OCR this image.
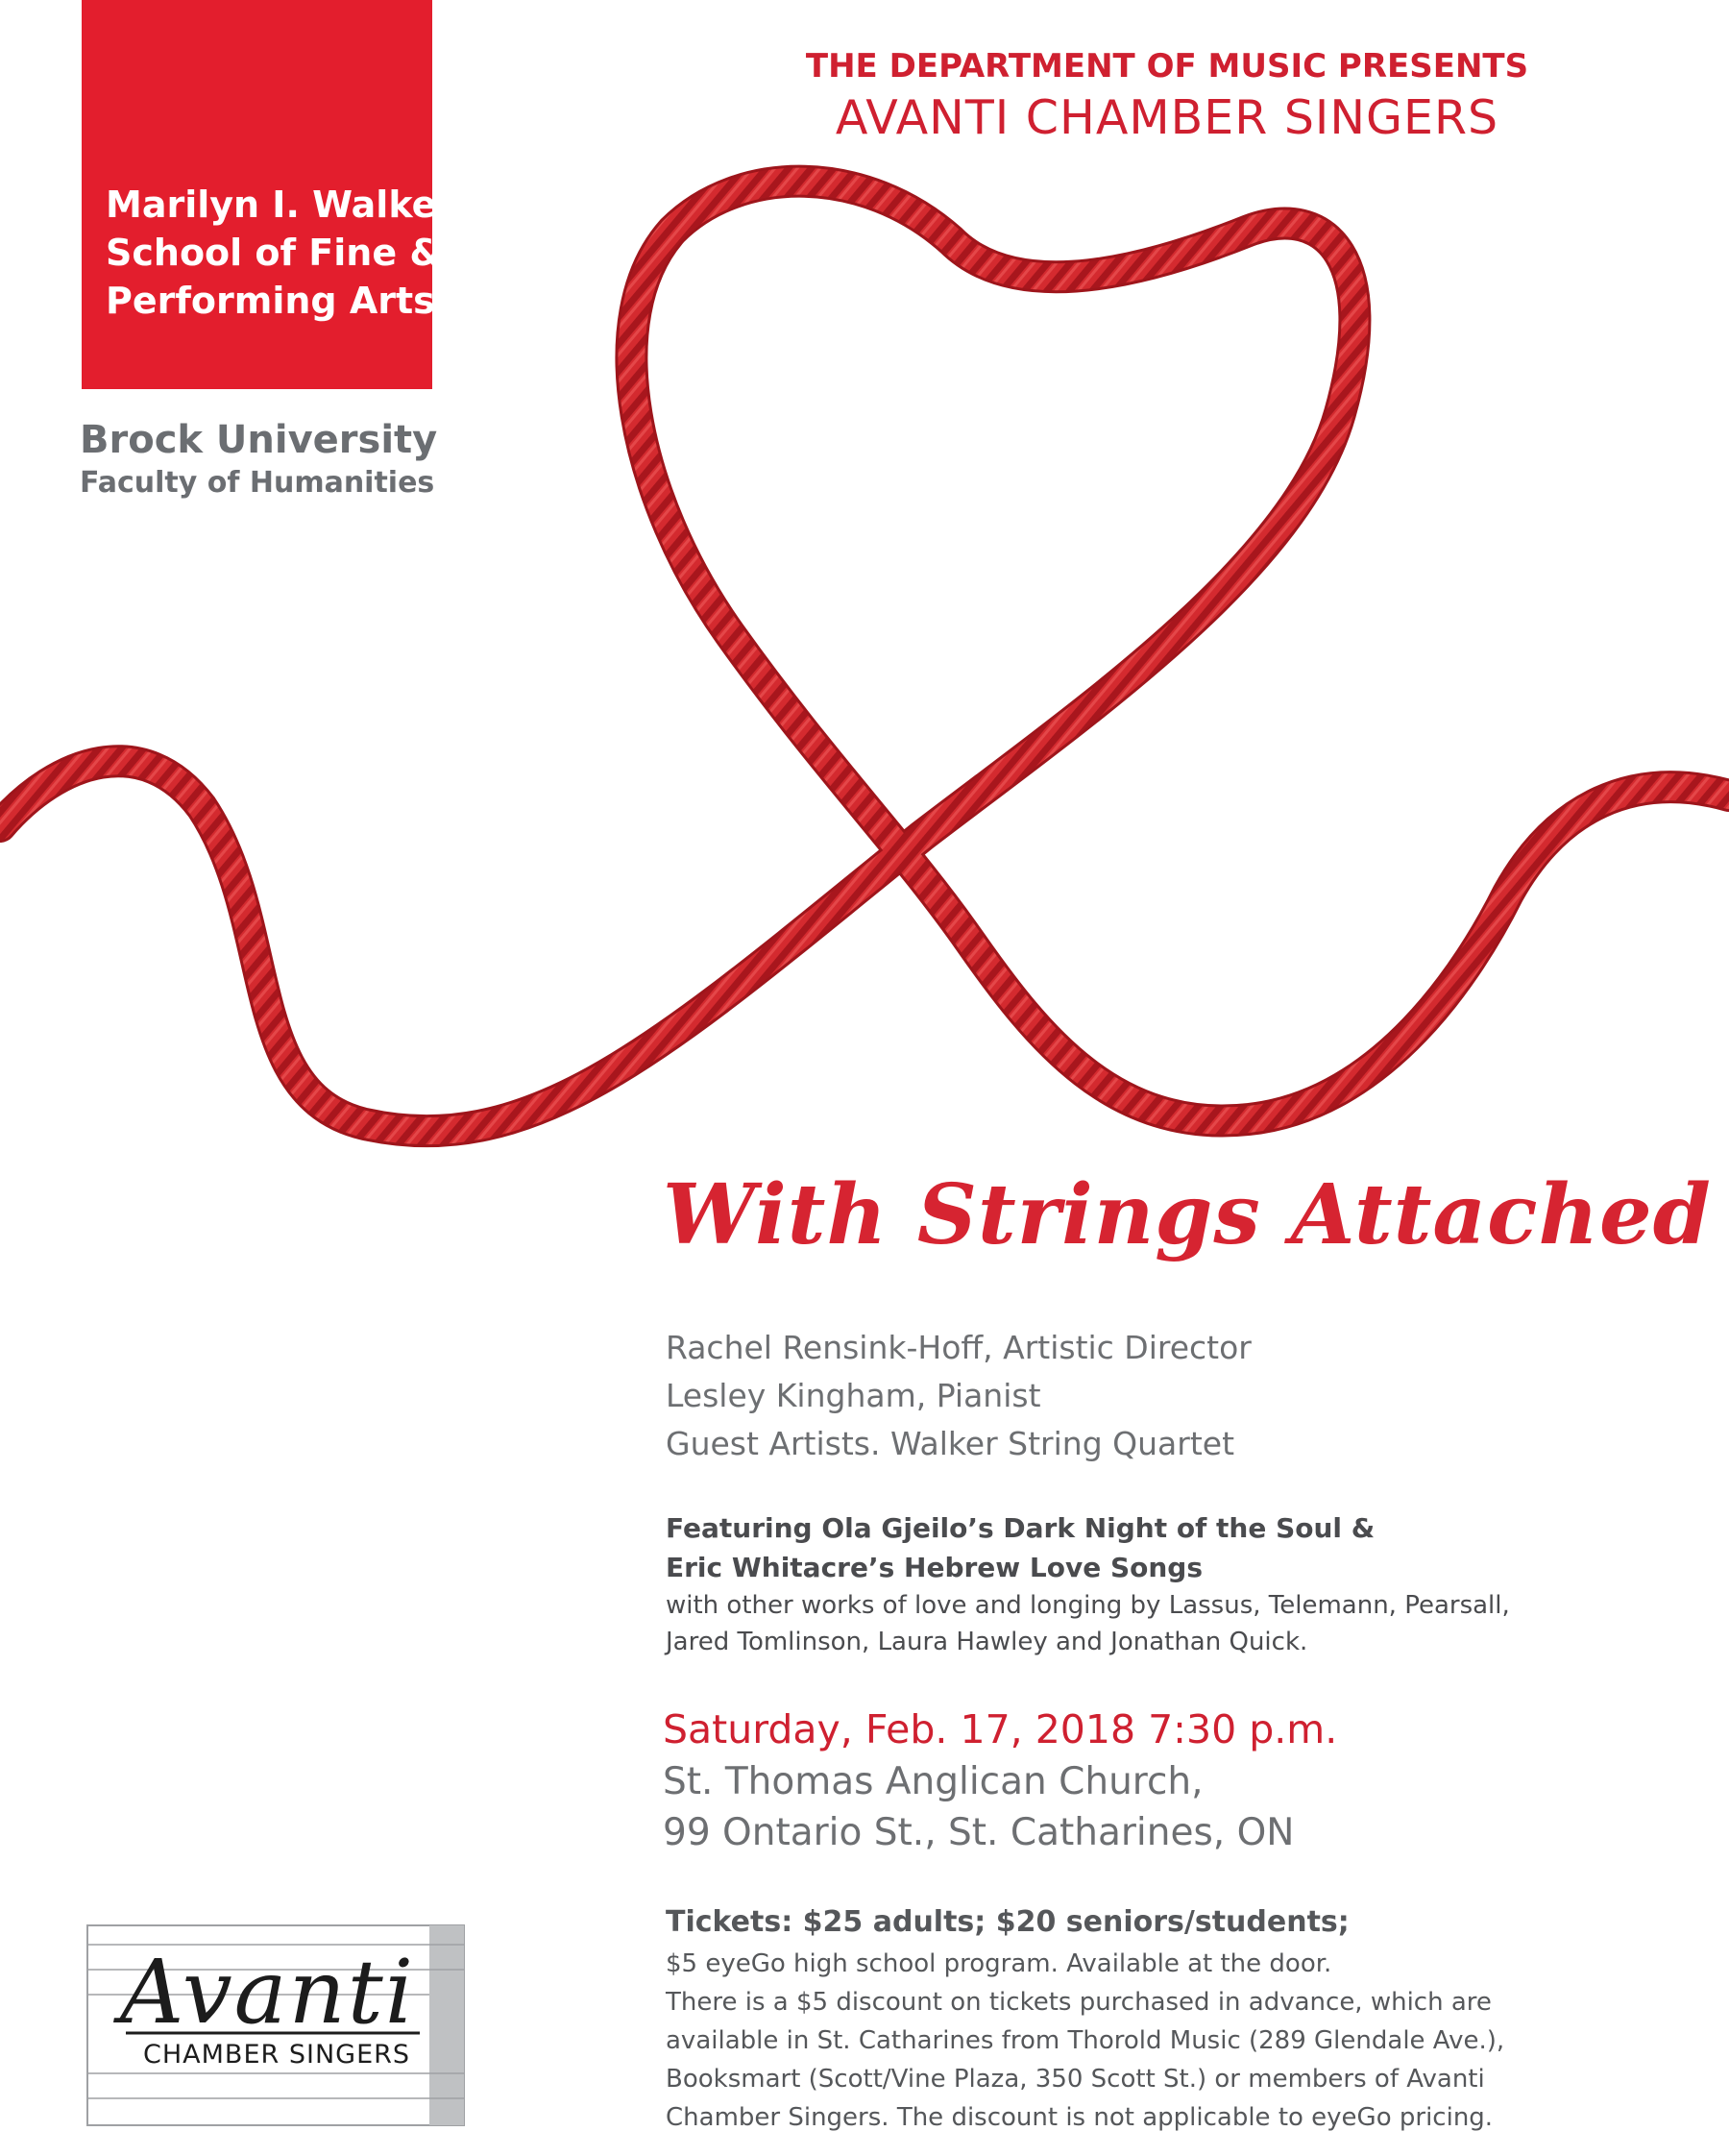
Marilyn I. Walker
School of Fine &
Performing Arts
Brock University
Faculty of Humanities
THE DEPARTMENT OF MUSIC PRESENTS
AVANTI CHAMBER SINGERS
With Strings Attached
Rachel Rensink-Hoff, Artistic Director
Lesley Kingham, Pianist
Guest Artists. Walker String Quartet
Featuring Ola Gjeilo’s Dark Night of the Soul &
Eric Whitacre’s Hebrew Love Songs
with other works of love and longing by Lassus, Telemann, Pearsall,
Jared Tomlinson, Laura Hawley and Jonathan Quick.
Saturday, Feb. 17, 2018 7:30 p.m.
St. Thomas Anglican Church,
99 Ontario St., St. Catharines, ON
Tickets: $25 adults; $20 seniors/students;
$5 eyeGo high school program. Available at the door.
There is a $5 discount on tickets purchased in advance, which are
available in St. Catharines from Thorold Music (289 Glendale Ave.),
Booksmart (Scott/Vine Plaza, 350 Scott St.) or members of Avanti
Chamber Singers. The discount is not applicable to eyeGo pricing.
Avanti
CHAMBER SINGERS
